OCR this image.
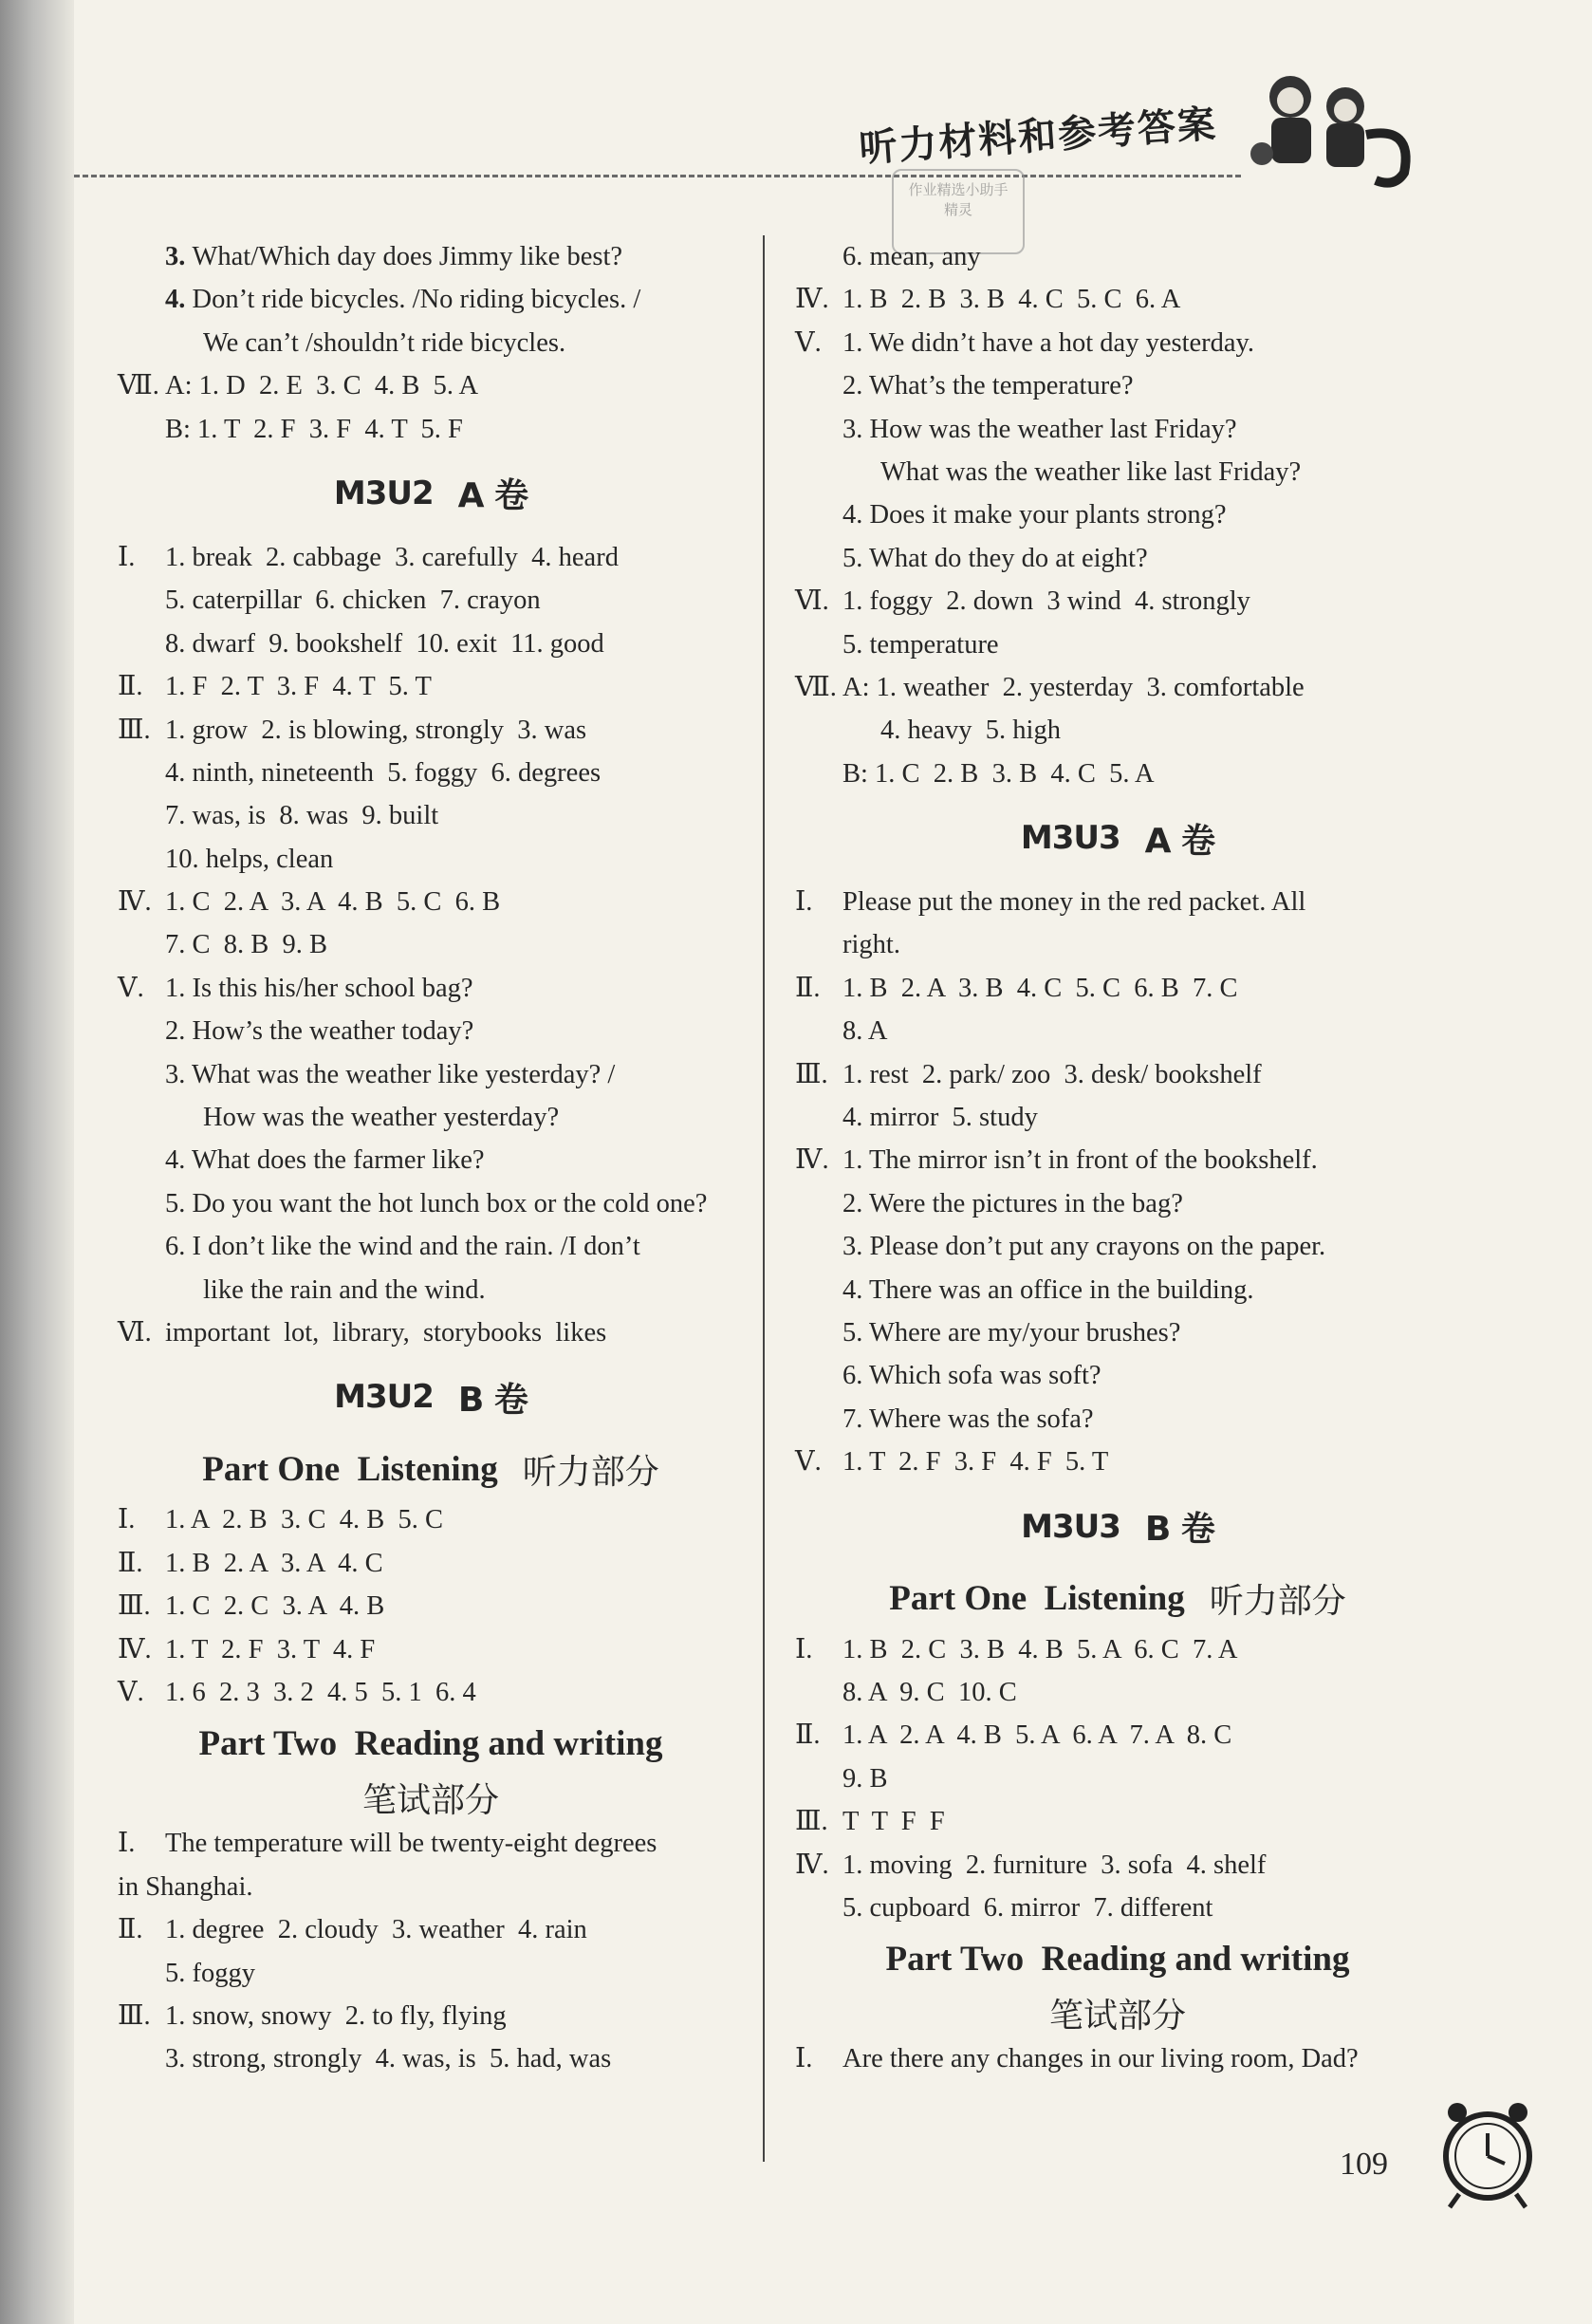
听力材料和参考答案
作业精选小助手
精灵
3. What/Which day does Jimmy like best?
4. Don’t ride bicycles. /No riding bicycles. /
We can’t /shouldn’t ride bicycles.
Ⅶ. A: 1. D  2. E  3. C  4. B  5. A
B: 1. T  2. F  3. F  4. T  5. F
M3U2 A 卷
Ⅰ. 1. break  2. cabbage  3. carefully  4. heard
5. caterpillar  6. chicken  7. crayon
8. dwarf  9. bookshelf  10. exit  11. good
Ⅱ. 1. F  2. T  3. F  4. T  5. T
Ⅲ. 1. grow  2. is blowing, strongly  3. was
4. ninth, nineteenth  5. foggy  6. degrees
7. was, is  8. was  9. built
10. helps, clean
Ⅳ. 1. C  2. A  3. A  4. B  5. C  6. B
7. C  8. B  9. B
Ⅴ. 1. Is this his/her school bag?
2. How’s the weather today?
3. What was the weather like yesterday? /
How was the weather yesterday?
4. What does the farmer like?
5. Do you want the hot lunch box or the cold one?
6. I don’t like the wind and the rain. /I don’t
like the rain and the wind.
Ⅵ. important  lot,  library,  storybooks  likes
M3U2 B 卷
Part One  Listening 听力部分
Ⅰ. 1. A  2. B  3. C  4. B  5. C
Ⅱ. 1. B  2. A  3. A  4. C
Ⅲ. 1. C  2. C  3. A  4. B
Ⅳ. 1. T  2. F  3. T  4. F
Ⅴ. 1. 6  2. 3  3. 2  4. 5  5. 1  6. 4
Part Two  Reading and writing
笔试部分
Ⅰ. The temperature will be twenty-eight degrees
in Shanghai.
Ⅱ. 1. degree  2. cloudy  3. weather  4. rain
5. foggy
Ⅲ. 1. snow, snowy  2. to fly, flying
3. strong, strongly  4. was, is  5. had, was
6. mean, any
Ⅳ. 1. B  2. B  3. B  4. C  5. C  6. A
Ⅴ. 1. We didn’t have a hot day yesterday.
2. What’s the temperature?
3. How was the weather last Friday?
What was the weather like last Friday?
4. Does it make your plants strong?
5. What do they do at eight?
Ⅵ. 1. foggy  2. down  3 wind  4. strongly
5. temperature
Ⅶ. A: 1. weather  2. yesterday  3. comfortable
4. heavy  5. high
B: 1. C  2. B  3. B  4. C  5. A
M3U3 A 卷
Ⅰ. Please put the money in the red packet. All
right.
Ⅱ. 1. B  2. A  3. B  4. C  5. C  6. B  7. C
8. A
Ⅲ. 1. rest  2. park/ zoo  3. desk/ bookshelf
4. mirror  5. study
Ⅳ. 1. The mirror isn’t in front of the bookshelf.
2. Were the pictures in the bag?
3. Please don’t put any crayons on the paper.
4. There was an office in the building.
5. Where are my/your brushes?
6. Which sofa was soft?
7. Where was the sofa?
Ⅴ. 1. T  2. F  3. F  4. F  5. T
M3U3 B 卷
Part One  Listening 听力部分
Ⅰ. 1. B  2. C  3. B  4. B  5. A  6. C  7. A
8. A  9. C  10. C
Ⅱ. 1. A  2. A  4. B  5. A  6. A  7. A  8. C
9. B
Ⅲ. T  T  F  F
Ⅳ. 1. moving  2. furniture  3. sofa  4. shelf
5. cupboard  6. mirror  7. different
Part Two  Reading and writing
笔试部分
Ⅰ. Are there any changes in our living room, Dad?
109
